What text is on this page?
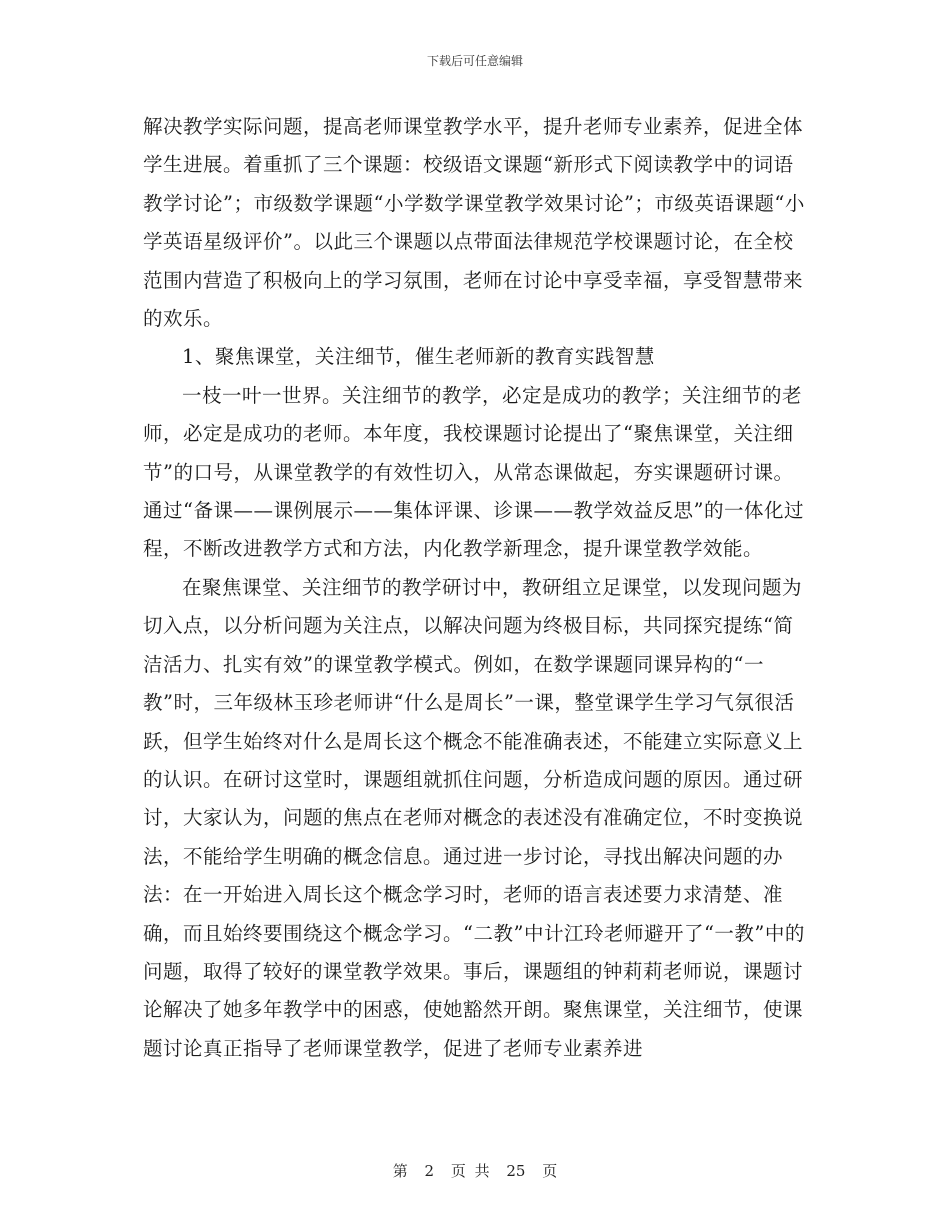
下载后可任意编辑

解决教学实际问题，提高老师课堂教学水平，提升老师专业素养，促进全体学生进展。着重抓了三个课题：校级语文课题“新形式下阅读教学中的词语教学讨论”；市级数学课题“小学数学课堂教学效果讨论”；市级英语课题“小学英语星级评价”。以此三个课题以点带面法律规范学校课题讨论，在全校范围内营造了积极向上的学习氛围，老师在讨论中享受幸福，享受智慧带来的欢乐。

1、聚焦课堂，关注细节，催生老师新的教育实践智慧

一枝一叶一世界。关注细节的教学，必定是成功的教学；关注细节的老师，必定是成功的老师。本年度，我校课题讨论提出了“聚焦课堂，关注细节”的口号，从课堂教学的有效性切入，从常态课做起，夯实课题研讨课。通过“备课——课例展示——集体评课、诊课——教学效益反思”的一体化过程，不断改进教学方式和方法，内化教学新理念，提升课堂教学效能。

在聚焦课堂、关注细节的教学研讨中，教研组立足课堂，以发现问题为切入点，以分析问题为关注点，以解决问题为终极目标，共同探究提练“简洁活力、扎实有效”的课堂教学模式。例如，在数学课题同课异构的“一教”时，三年级林玉珍老师讲“什么是周长”一课，整堂课学生学习气氛很活跃，但学生始终对什么是周长这个概念不能准确表述，不能建立实际意义上的认识。在研讨这堂时，课题组就抓住问题，分析造成问题的原因。通过研讨，大家认为，问题的焦点在老师对概念的表述没有准确定位，不时变换说法，不能给学生明确的概念信息。通过进一步讨论，寻找出解决问题的办法：在一开始进入周长这个概念学习时，老师的语言表述要力求清楚、准确，而且始终要围绕这个概念学习。“二教”中计江玲老师避开了“一教”中的问题，取得了较好的课堂教学效果。事后，课题组的钟莉莉老师说，课题讨论解决了她多年教学中的困惑，使她豁然开朗。聚焦课堂，关注细节，使课题讨论真正指导了老师课堂教学，促进了老师专业素养进

第 2 页 共 25 页
